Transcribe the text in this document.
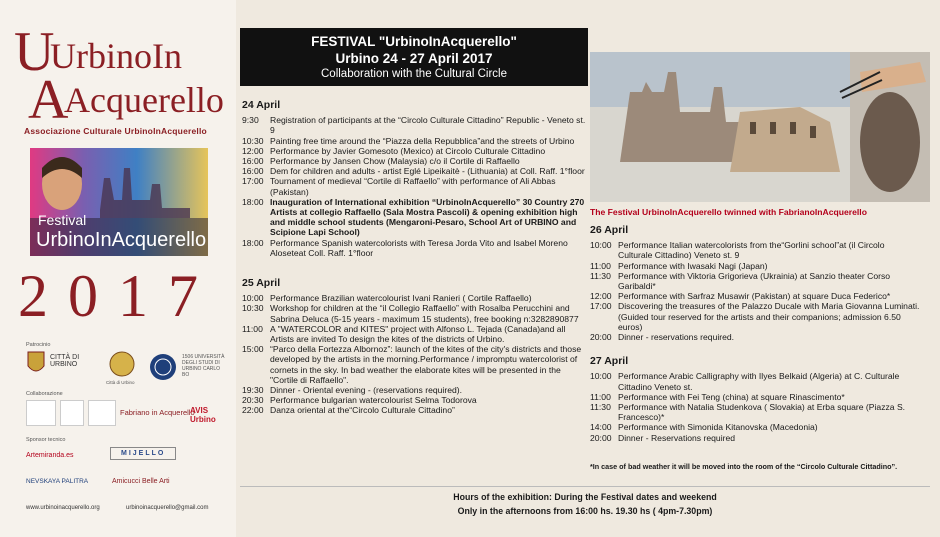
U
UrbinoIn
A
Acquerello
Associazione Culturale UrbinoInAcquerello
Festival
UrbinoInAcquerello
2017
Patrocinio
CITTÀ DI URBINO
Città di Urbino
1506 UNIVERSITÀ DEGLI STUDI DI URBINO CARLO BO
Collaborazione
Fabriano in Acquerello
AVIS Urbino
Sponsor tecnico
Artemiranda.es	MIJELLO
NEVSKAYA PALITRA	Amicucci Belle Arti
www.urbinoinacquerello.org	urbinoinacquerello@gmail.com
FESTIVAL "UrbinoInAcquerello"
Urbino 24 - 27 April 2017
Collaboration with the Cultural Circle
24 April
9:30	Registration of participants at the “Circolo Culturale Cittadino” Republic - Veneto st. 9
10:30 Painting free time around the “Piazza della Repubblica”and the streets of Urbino
12:00 Performance by Javier Gomesoto (Mexico) at Circolo Culturale Cittadino
16:00 Performance by Jansen Chow (Malaysia) c/o il Cortile di Raffaello
16:00 Dem for children and adults - artist Eglé Lipeikaitè - (Lithuania) at Coll. Raff. 1°floor
17:00 Tournament of medieval “Cortile di Raffaello” with performance of Ali Abbas (Pakistan)
18:00 Inauguration of International exhibition “UrbinoInAcquerello” 30 Country 270 Artists at collegio Raffaello (Sala Mostra Pascoli) & opening exhibition high and middle school students (Mengaroni-Pesaro, School Art of URBINO and Scipione Lapi School)
18:00 Performance Spanish watercolorists with Teresa Jorda Vito and Isabel Moreno Aloseteat Coll. Raff. 1°floor
25 April
10:00 Performance Brazilian watercolourist Ivani Ranieri ( Cortile Raffaello)
10:30 Workshop for children at the “il Collegio Raffaello” with Rosalba Perucchini and Sabrina Deluca (5-15 years - maximum 15 students), free booking n:3282890877
11:00 A "WATERCOLOR and KITES" project with Alfonso L. Tejada (Canada)and all Artists are invited To design the kites of the districts of Urbino.
15:00 “Parco della Fortezza Albornoz”: launch of the kites of the city's districts and those developed by the artists in the morning.Performance / impromptu watercolorist of cornets in the sky. In bad weather the elaborate kites will be presented in the "Cortile di Raffaello".
19:30 Dinner - Oriental evening - (reservations required).
20:30 Performance bulgarian watercolourist Selma Todorova
22:00 Danza oriental at the“Circolo Culturale Cittadino”
The Festival UrbinoInAcquerello twinned with FabrianoInAcquerello
26 April
10:00 Performance Italian watercolorists from the“Gorlini school”at (il Circolo Culturale Cittadino) Veneto st. 9
11:00 Performance with Iwasaki Nagi (Japan)
11:30 Performance with Viktoria Grigorieva (Ukrainia) at Sanzio theater Corso Garibaldi*
12:00 Performance with Sarfraz Musawir (Pakistan) at square Duca Federico*
17:00 Discovering the treasures of the Palazzo Ducale with Maria Giovanna Luminati. (Guided tour reserved for the artists and their companions; admission 6.50 euros)
20:00 Dinner - reservations required.
27 April
10:00 Performance Arabic Calligraphy with Ilyes Belkaid (Algeria) at C. Culturale Cittadino Veneto st.
11:00 Performance with Fei Teng (china) at square Rinascimento*
11:30 Performance with Natalia Studenkova ( Slovakia) at Erba square (Piazza S. Francesco)*
14:00 Performance with Simonida Kitanovska (Macedonia)
20:00 Dinner - Reservations required
*In case of bad weather it will be moved into the room of the “Circolo Culturale Cittadino”.
Hours of the exhibition: During the Festival dates and weekend
Only in the afternoons from 16:00 hs. 19.30 hs ( 4pm-7.30pm)
